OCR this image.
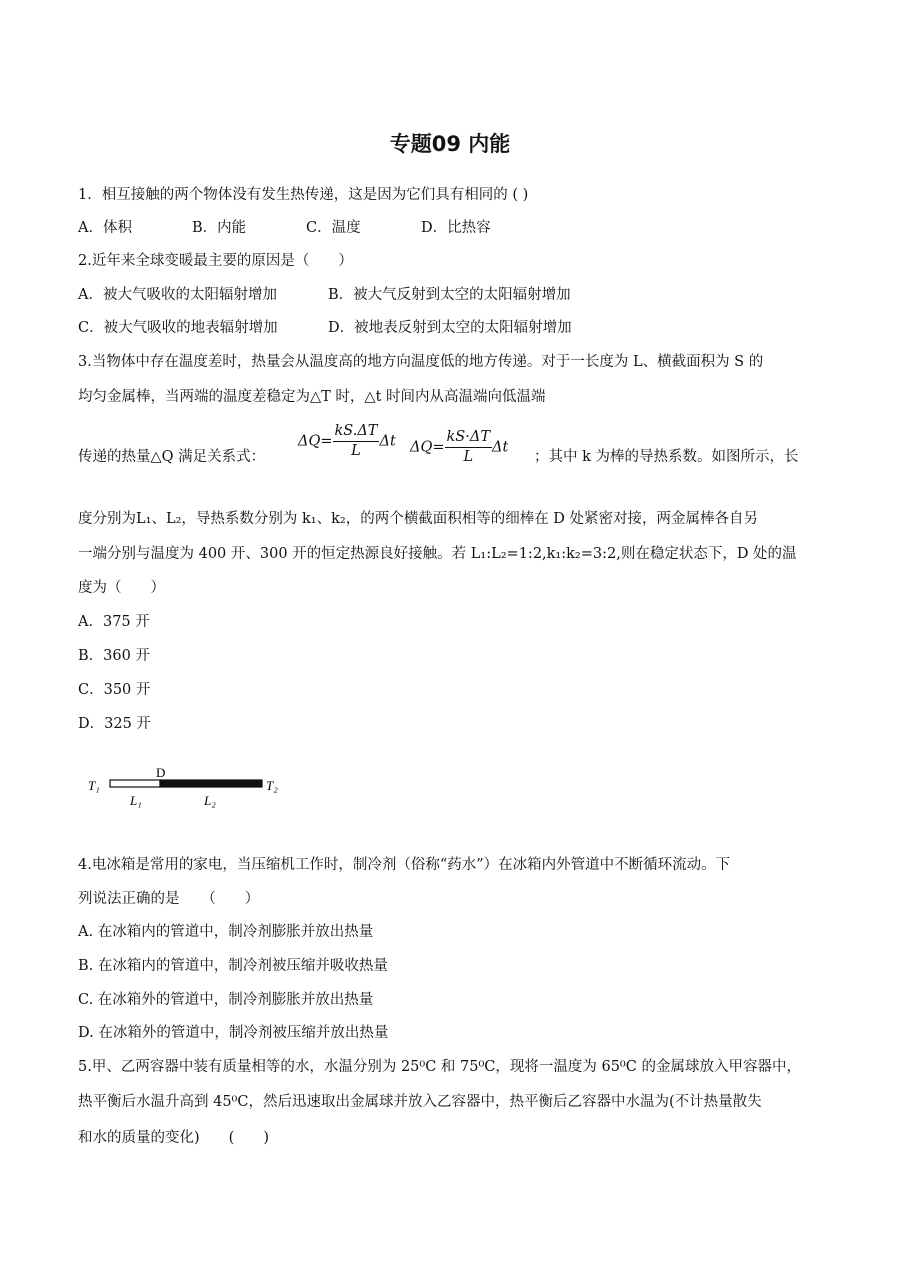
专题09 内能
1．相互接触的两个物体没有发生热传递，这是因为它们具有相同的 ( )
A．体积	B．内能	C．温度	D．比热容
2.近年来全球变暖最主要的原因是（　　）
A．被大气吸收的太阳辐射增加	B．被大气反射到太空的太阳辐射增加
C．被大气吸收的地表辐射增加	D．被地表反射到太空的太阳辐射增加
3.当物体中存在温度差时，热量会从温度高的地方向温度低的地方传递。对于一长度为 L、横截面积为 S 的
均匀金属棒，当两端的温度差稳定为△T 时，△t 时间内从高温端向低温端
传递的热量△Q 满足关系式：
$\Delta Q= \frac{kS.\Delta T}{L}$ Δt $\Delta Q= \frac{kS\cdot\Delta T}{L}$ Δt
；其中 k 为棒的导热系数。如图所示，长
度分别为L₁、L₂，导热系数分别为 k₁、k₂，的两个横截面积相等的细棒在 D 处紧密对接，两金属棒各自另
一端分别与温度为 400 开、300 开的恒定热源良好接触。若 L₁:L₂=1:2,k₁:k₂=3:2,则在稳定状态下，D 处的温
度为（　　）
A．375 开
B．360 开
C．350 开
D．325 开
T₁
D
T₂
L₁	L₂
4.电冰箱是常用的家电，当压缩机工作时，制冷剂（俗称“药水”）在冰箱内外管道中不断循环流动。下
列说法正确的是　　（　　）
A. 在冰箱内的管道中，制冷剂膨胀并放出热量
B. 在冰箱内的管道中，制冷剂被压缩并吸收热量
C. 在冰箱外的管道中，制冷剂膨胀并放出热量
D. 在冰箱外的管道中，制冷剂被压缩并放出热量
5.甲、乙两容器中装有质量相等的水，水温分别为 25⁰C 和 75⁰C，现将一温度为 65⁰C 的金属球放入甲容器中，
热平衡后水温升高到 45⁰C，然后迅速取出金属球并放入乙容器中，热平衡后乙容器中水温为(不计热量散失
和水的质量的变化)　　(　　)
